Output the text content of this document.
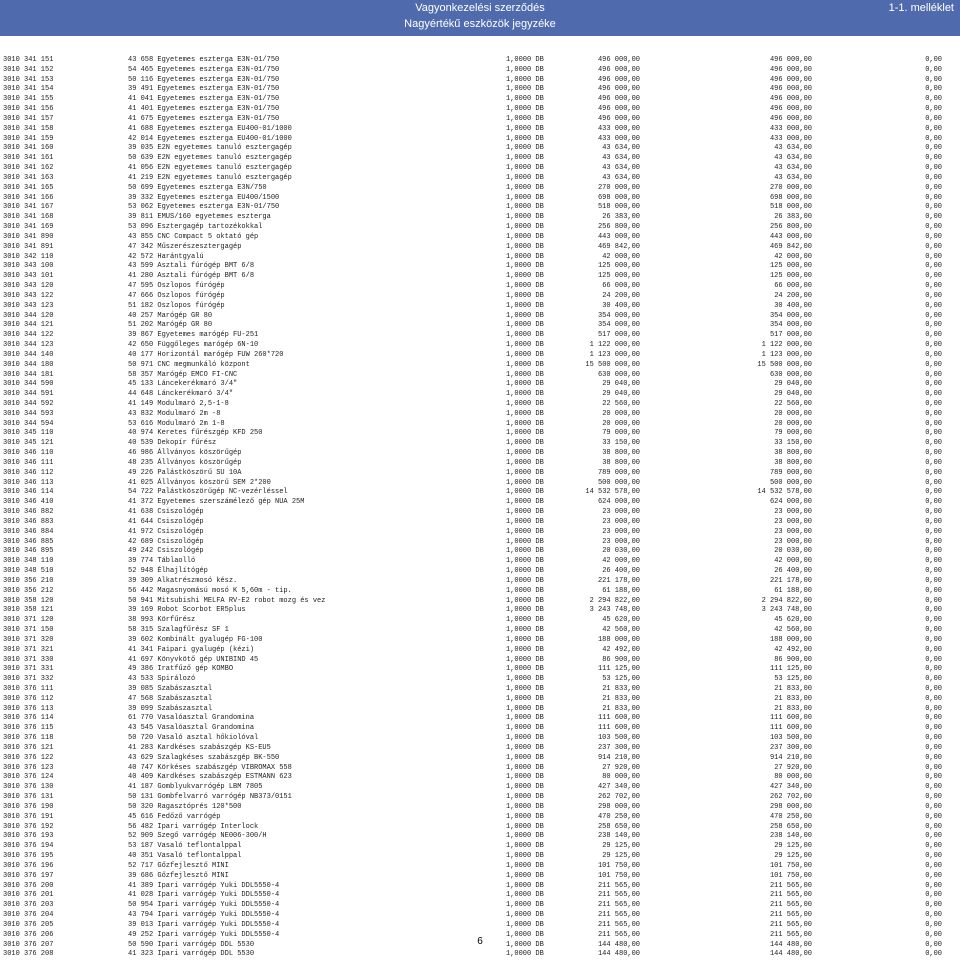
Vagyonkezelési szerződés
Nagyértékű eszközök jegyzéke
1-1. melléklet
3010 341 151	43 658 Egyetemes eszterga E3N-01/750	1,0000 DB	496 000,00	496 000,00	0,00
3010 341 152	54 465 Egyetemes eszterga E3N-01/750	1,0000 DB	496 000,00	496 000,00	0,00
3010 341 153	50 116 Egyetemes eszterga E3N-01/750	1,0000 DB	496 000,00	496 000,00	0,00
3010 341 154	39 491 Egyetemes eszterga E3N-01/750	1,0000 DB	496 000,00	496 000,00	0,00
3010 341 155	41 041 Egyetemes eszterga E3N-01/750	1,0000 DB	496 000,00	496 000,00	0,00
3010 341 156	41 401 Egyetemes eszterga E3N-01/750	1,0000 DB	496 000,00	496 000,00	0,00
3010 341 157	41 675 Egyetemes eszterga E3N-01/750	1,0000 DB	496 000,00	496 000,00	0,00
3010 341 158	41 688 Egyetemes eszterga EU400-01/1000	1,0000 DB	433 000,00	433 000,00	0,00
3010 341 159	42 014 Egyetemes eszterga EU400-01/1000	1,0000 DB	433 000,00	433 000,00	0,00
3010 341 160	39 035 E2N egyetemes tanuló esztergagép	1,0000 DB	43 634,00	43 634,00	0,00
3010 341 161	50 639 E2N egyetemes tanuló esztergagép	1,0000 DB	43 634,00	43 634,00	0,00
3010 341 162	41 056 E2N egyetemes tanuló esztergagép	1,0000 DB	43 634,00	43 634,00	0,00
3010 341 163	41 219 E2N egyetemes tanuló esztergagép	1,0000 DB	43 634,00	43 634,00	0,00
3010 341 165	50 699 Egyetemes eszterga E3N/750	1,0000 DB	270 000,00	270 000,00	0,00
3010 341 166	39 332 Egyetemes eszterga EU400/1500	1,0000 DB	698 000,00	698 000,00	0,00
3010 341 167	53 062 Egyetemes eszterga E3N-01/750	1,0000 DB	518 000,00	518 000,00	0,00
3010 341 168	39 811 EMUS/160 egyetemes eszterga	1,0000 DB	26 383,00	26 383,00	0,00
3010 341 169	53 096 Esztergagép tartozékokkal	1,0000 DB	256 800,00	256 800,00	0,00
3010 341 890	43 855 CNC Compact 5 oktató gép	1,0000 DB	443 000,00	443 000,00	0,00
3010 341 891	47 342 Műszerészesztergagép	1,0000 DB	469 842,00	469 842,00	0,00
3010 342 110	42 572 Harántgyalú	1,0000 DB	42 000,00	42 000,00	0,00
3010 343 100	43 599 Asztali fúrógép BMT 6/8	1,0000 DB	125 000,00	125 000,00	0,00
3010 343 101	41 280 Asztali fúrógép BMT 6/8	1,0000 DB	125 000,00	125 000,00	0,00
3010 343 120	47 595 Oszlopos fúrógép	1,0000 DB	66 000,00	66 000,00	0,00
3010 343 122	47 666 Oszlopos fúrógép	1,0000 DB	24 200,00	24 200,00	0,00
3010 343 123	51 182 Oszlopos fúrógép	1,0000 DB	30 400,00	30 400,00	0,00
3010 344 120	40 257 Marógép GR 80	1,0000 DB	354 000,00	354 000,00	0,00
3010 344 121	51 202 Marógép GR 80	1,0000 DB	354 000,00	354 000,00	0,00
3010 344 122	39 867 Egyetemes marógép FU-251	1,0000 DB	517 000,00	517 000,00	0,00
3010 344 123	42 650 Függőleges marógép 6N-10	1,0000 DB	1 122 000,00	1 122 000,00	0,00
3010 344 140	40 177 Horizontál marógép FUW 260*720	1,0000 DB	1 123 000,00	1 123 000,00	0,00
3010 344 180	50 971 CNC megmunkáló központ	1,0000 DB	15 500 000,00	15 500 000,00	0,00
3010 344 181	58 357 Marógép EMCO FI-CNC	1,0000 DB	630 000,00	630 000,00	0,00
3010 344 590	45 133 Láncekerékmaró 3/4"	1,0000 DB	29 040,00	29 040,00	0,00
3010 344 591	44 648 Lánckerékmaró 3/4"	1,0000 DB	29 040,00	29 040,00	0,00
3010 344 592	41 149 Modulmaró 2,5-1-8	1,0000 DB	22 560,00	22 560,00	0,00
3010 344 593	43 832 Modulmaró 2m -8	1,0000 DB	20 000,00	20 000,00	0,00
3010 344 594	53 616 Modulmaró 2m 1-8	1,0000 DB	20 000,00	20 000,00	0,00
3010 345 110	40 974 Keretes fűrészgép KFD 250	1,0000 DB	79 000,00	79 000,00	0,00
3010 345 121	40 539 Dekopír fűrész	1,0000 DB	33 150,00	33 150,00	0,00
3010 346 110	46 986 Állványos köszörűgép	1,0000 DB	38 800,00	38 800,00	0,00
3010 346 111	48 235 Állványos köszörűgép	1,0000 DB	38 800,00	38 800,00	0,00
3010 346 112	49 226 Palástköszörű SU 10A	1,0000 DB	789 000,00	789 000,00	0,00
3010 346 113	41 025 Állványos köszörű SEM 2*200	1,0000 DB	500 000,00	500 000,00	0,00
3010 346 114	54 722 Palástköszörűgép NC-vezérléssel	1,0000 DB	14 532 578,00	14 532 578,00	0,00
3010 346 410	41 372 Egyetemes szerszámélező gép NUA 25M	1,0000 DB	624 000,00	624 000,00	0,00
3010 346 882	41 638 Csiszológép	1,0000 DB	23 000,00	23 000,00	0,00
3010 346 883	41 644 Csiszológép	1,0000 DB	23 000,00	23 000,00	0,00
3010 346 884	41 972 Csiszológép	1,0000 DB	23 000,00	23 000,00	0,00
3010 346 885	42 689 Csiszológép	1,0000 DB	23 000,00	23 000,00	0,00
3010 346 895	49 242 Csiszológép	1,0000 DB	20 030,00	20 030,00	0,00
3010 348 110	39 774 Táblaolló	1,0000 DB	42 000,00	42 000,00	0,00
3010 348 510	52 948 Élhajlítógép	1,0000 DB	26 400,00	26 400,00	0,00
3010 356 210	39 309 Alkatrészmosó kész.	1,0000 DB	221 178,00	221 178,00	0,00
3010 356 212	56 442 Magasnyomású mosó K 5,60m - tip.	1,0000 DB	61 188,00	61 188,00	0,00
3010 358 120	50 941 Mitsubishi MELFA RV-E2 robot mozg és vez	1,0000 DB	2 294 822,00	2 294 822,00	0,00
3010 358 121	39 169 Robot Scorbot ER5plus	1,0000 DB	3 243 748,00	3 243 748,00	0,00
3010 371 120	38 993 Körfűrész	1,0000 DB	45 620,00	45 620,00	0,00
3010 371 150	58 315 Szalagfűrész SF 1	1,0000 DB	42 560,00	42 560,00	0,00
3010 371 320	39 602 Kombinált gyalugép FG-100	1,0000 DB	188 000,00	188 000,00	0,00
3010 371 321	41 341 Faipari gyalugép (kézi)	1,0000 DB	42 492,00	42 492,00	0,00
3010 371 330	41 697 Könyvkötő gép UNIBIND 45	1,0000 DB	86 900,00	86 900,00	0,00
3010 371 331	49 386 Iratfűző gép KOMBO	1,0000 DB	111 125,00	111 125,00	0,00
3010 371 332	43 533 Spirálozó	1,0000 DB	53 125,00	53 125,00	0,00
3010 376 111	39 085 Szabászasztal	1,0000 DB	21 833,00	21 833,00	0,00
3010 376 112	47 568 Szabászasztal	1,0000 DB	21 833,00	21 833,00	0,00
3010 376 113	39 099 Szabászasztal	1,0000 DB	21 833,00	21 833,00	0,00
3010 376 114	61 770 Vasalóasztal Grandomina	1,0000 DB	111 600,00	111 600,00	0,00
3010 376 115	43 545 Vasalóasztal Grandomina	1,0000 DB	111 600,00	111 600,00	0,00
3010 376 118	50 720 Vasaló asztal hőkiolóval	1,0000 DB	103 500,00	103 500,00	0,00
3010 376 121	41 283 Kardkéses szabászgép KS-EU5	1,0000 DB	237 300,00	237 300,00	0,00
3010 376 122	43 629 Szalagkéses szabászgép BK-550	1,0000 DB	914 210,00	914 210,00	0,00
3010 376 123	40 747 Körkéses szabászgép VIBROMAX 558	1,0000 DB	27 920,00	27 920,00	0,00
3010 376 124	40 409 Kardkéses szabászgép ESTMANN 623	1,0000 DB	80 000,00	80 000,00	0,00
3010 376 130	41 187 Gomblyukvarrógép LBM 7805	1,0000 DB	427 340,00	427 340,00	0,00
3010 376 131	50 131 Gombfelvarró varrógép NB373/0151	1,0000 DB	262 702,00	262 702,00	0,00
3010 376 190	50 320 Ragasztóprés 120*500	1,0000 DB	298 000,00	298 000,00	0,00
3010 376 191	45 616 Fedőző varrógép	1,0000 DB	470 250,00	470 250,00	0,00
3010 376 192	56 482 Ipari varrógép Interlock	1,0000 DB	258 650,00	258 650,00	0,00
3010 376 193	52 909 Szegő varrógép NE006-300/H	1,0000 DB	238 140,00	238 140,00	0,00
3010 376 194	53 187 Vasaló teflontalppal	1,0000 DB	29 125,00	29 125,00	0,00
3010 376 195	40 351 Vasaló teflontalppal	1,0000 DB	29 125,00	29 125,00	0,00
3010 376 196	52 717 Gőzfejlesztő MINI	1,0000 DB	101 750,00	101 750,00	0,00
3010 376 197	39 686 Gőzfejlesztő MINI	1,0000 DB	101 750,00	101 750,00	0,00
3010 376 200	41 389 Ipari varrógép Yuki DDL5550-4	1,0000 DB	211 565,00	211 565,00	0,00
3010 376 201	41 028 Ipari varrógép Yuki DDL5550-4	1,0000 DB	211 565,00	211 565,00	0,00
3010 376 203	50 954 Ipari varrógép Yuki DDL5550-4	1,0000 DB	211 565,00	211 565,00	0,00
3010 376 204	43 794 Ipari varrógép Yuki DDL5550-4	1,0000 DB	211 565,00	211 565,00	0,00
3010 376 205	39 013 Ipari varrógép Yuki DDL5550-4	1,0000 DB	211 565,00	211 565,00	0,00
3010 376 206	49 252 Ipari varrógép Yuki DDL5550-4	1,0000 DB	211 565,00	211 565,00	0,00
3010 376 207	50 590 Ipari varrógép DDL 5530	1,0000 DB	144 480,00	144 480,00	0,00
3010 376 208	41 323 Ipari varrógép DDL 5530	1,0000 DB	144 480,00	144 480,00	0,00
6
